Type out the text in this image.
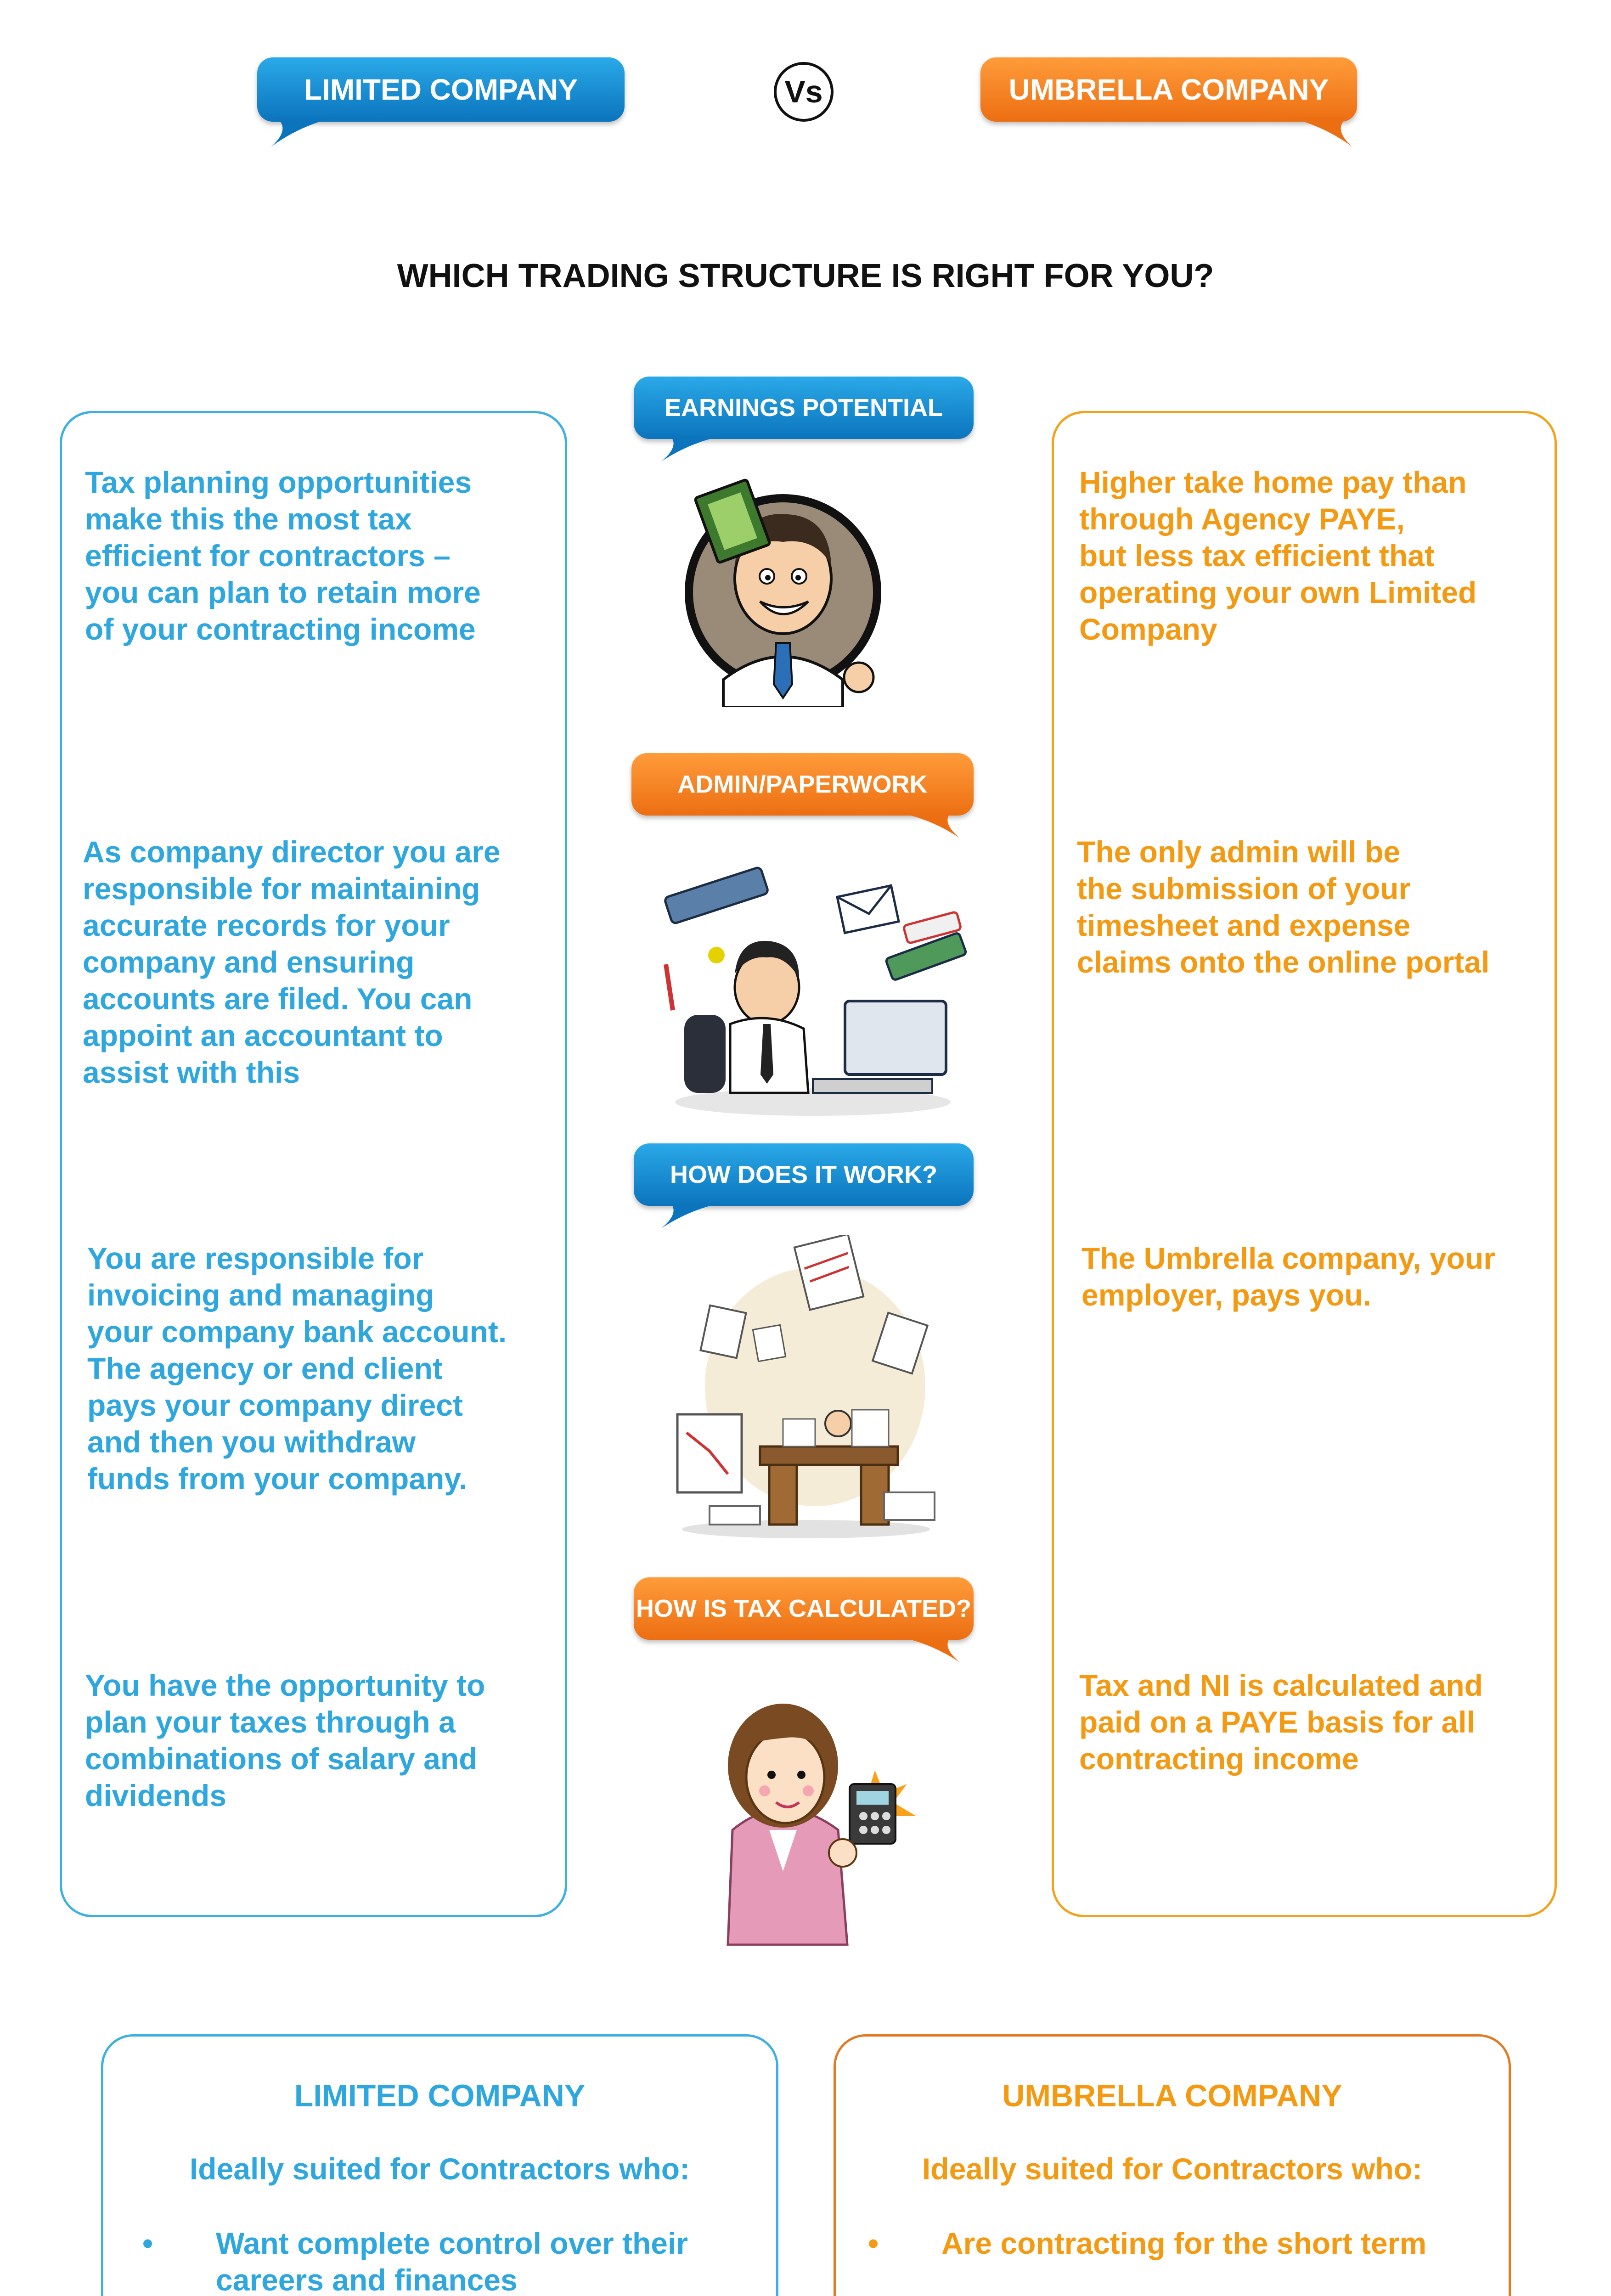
LIMITED COMPANY	Vs	UMBRELLA COMPANY
WHICH TRADING STRUCTURE IS RIGHT FOR YOU?
Tax planning opportunities
make this the most tax
efficient for contractors –
you can plan to retain more
of your contracting income
Higher take home pay than
through Agency PAYE,
but less tax efficient that
operating your own Limited
Company
As company director you are
responsible for maintaining
accurate records for your
company and ensuring
accounts are filed. You can
appoint an accountant to
assist with this
The only admin will be
the submission of your
timesheet and expense
claims onto the online portal
You are responsible for
invoicing and managing
your company bank account.
The agency or end client
pays your company direct
and then you withdraw
funds from your company.
The Umbrella company, your
employer, pays you.
You have the opportunity to
plan your taxes through a
combinations of salary and
dividends
Tax and NI is calculated and
paid on a PAYE basis for all
contracting income
EARNINGS POTENTIAL
ADMIN/PAPERWORK
HOW DOES IT WORK?
HOW IS TAX CALCULATED?
LIMITED COMPANY
Ideally suited for Contractors who:
• Want complete control over their
careers and finances
UMBRELLA COMPANY
Ideally suited for Contractors who:
• Are contracting for the short term
